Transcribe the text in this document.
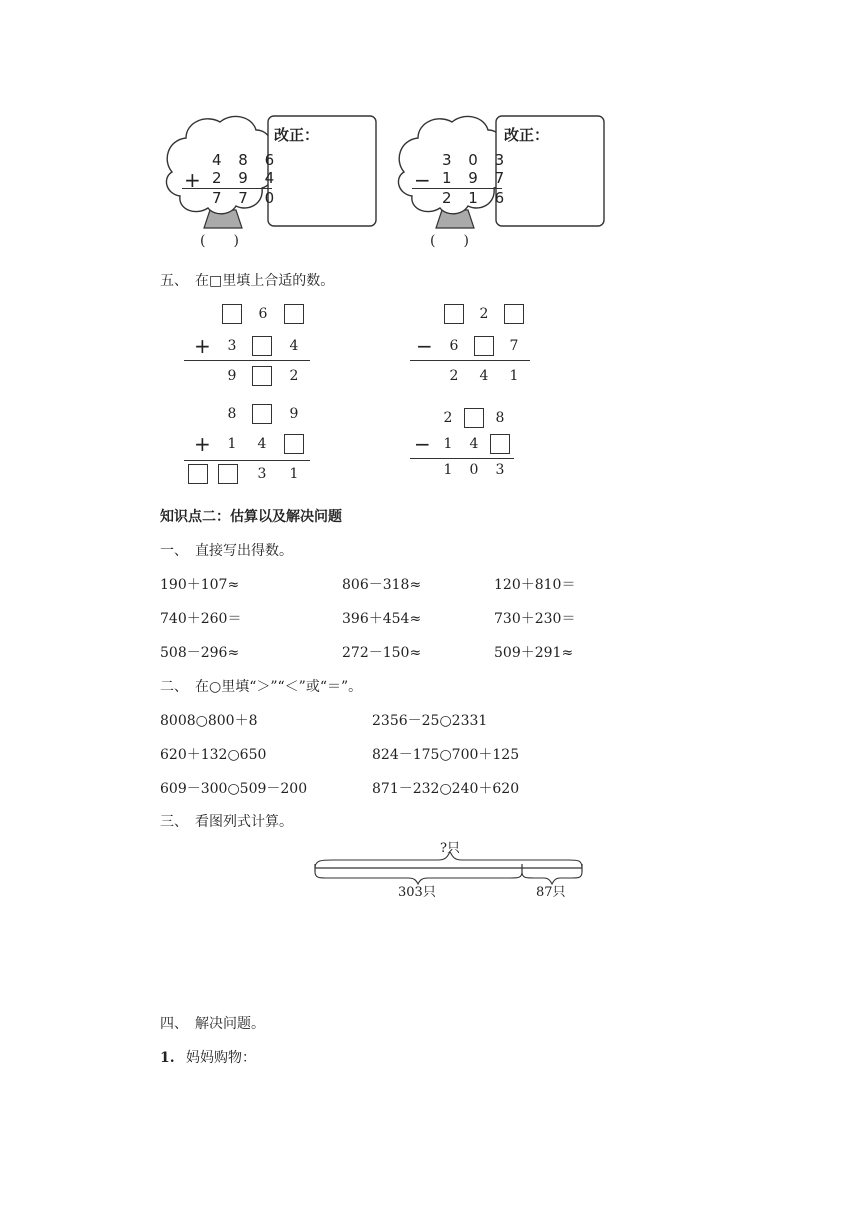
4 8 6
+ 2 9 4
7 7 0
改正：
(　　)
3 0 3
− 1 9 7
2 1 6
改正：
(　　)
五、　在□里填上合适的数。
6
+ 3	4
9	2
2
− 6	7
2 4 1
8	9
+ 1 4
3 1
2	8
− 1 4
1 0 3
知识点二：估算以及解决问题
一、　直接写出得数。
190＋107≈	806－318≈	120＋810＝
740＋260＝	396＋454≈	730＋230＝
508－296≈	272－150≈	509＋291≈
二、　在○里填“＞”“＜”或“＝”。
8008○800＋8	2356－25○2331
620＋132○650	824－175○700＋125
609－300○509－200	871－232○240＋620
三、　看图列式计算。
?只
303只	87只
四、　解决问题。
1. 妈妈购物：
